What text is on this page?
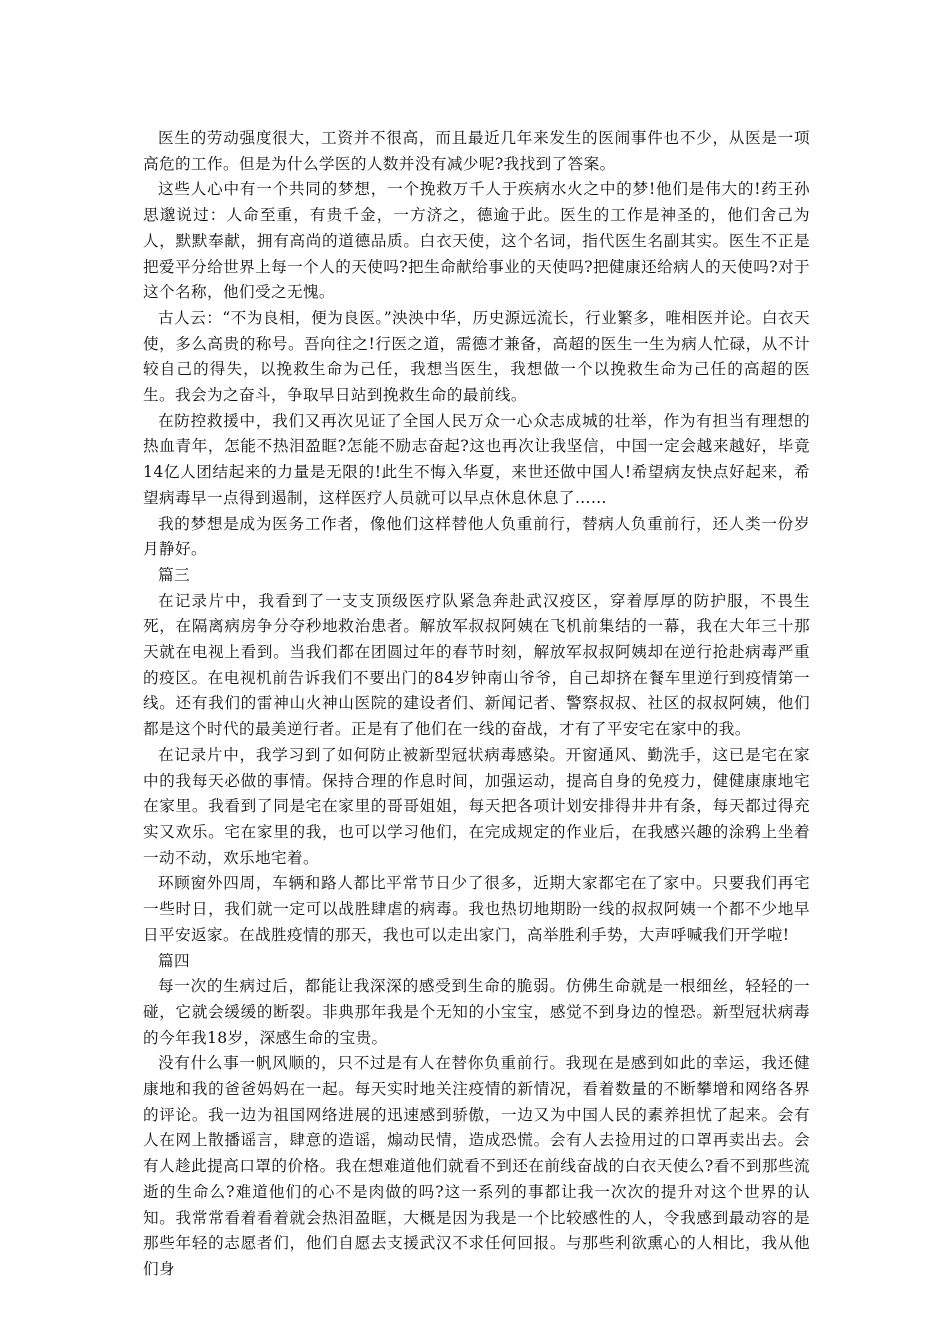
医生的劳动强度很大，工资并不很高，而且最近几年来发生的医闹事件也不少，从医是一项高危的工作。但是为什么学医的人数并没有减少呢?我找到了答案。

这些人心中有一个共同的梦想，一个挽救万千人于疾病水火之中的梦!他们是伟大的!药王孙思邈说过：人命至重，有贵千金，一方济之，德逾于此。医生的工作是神圣的，他们舍己为人，默默奉献，拥有高尚的道德品质。白衣天使，这个名词，指代医生名副其实。医生不正是把爱平分给世界上每一个人的天使吗?把生命献给事业的天使吗?把健康还给病人的天使吗?对于这个名称，他们受之无愧。

古人云：“不为良相，便为良医。”泱泱中华，历史源远流长，行业繁多，唯相医并论。白衣天使，多么高贵的称号。吾向往之!行医之道，需德才兼备，高超的医生一生为病人忙碌，从不计较自己的得失，以挽救生命为己任，我想当医生，我想做一个以挽救生命为己任的高超的医生。我会为之奋斗，争取早日站到挽救生命的最前线。

在防控救援中，我们又再次见证了全国人民万众一心众志成城的壮举，作为有担当有理想的热血青年，怎能不热泪盈眶?怎能不励志奋起?这也再次让我坚信，中国一定会越来越好，毕竟14亿人团结起来的力量是无限的!此生不悔入华夏，来世还做中国人!希望病友快点好起来，希望病毒早一点得到遏制，这样医疗人员就可以早点休息休息了……

我的梦想是成为医务工作者，像他们这样替他人负重前行，替病人负重前行，还人类一份岁月静好。

篇三

在记录片中，我看到了一支支顶级医疗队紧急奔赴武汉疫区，穿着厚厚的防护服，不畏生死，在隔离病房争分夺秒地救治患者。解放军叔叔阿姨在飞机前集结的一幕，我在大年三十那天就在电视上看到。当我们都在团圆过年的春节时刻，解放军叔叔阿姨却在逆行抢赴病毒严重的疫区。在电视机前告诉我们不要出门的84岁钟南山爷爷，自己却挤在餐车里逆行到疫情第一线。还有我们的雷神山火神山医院的建设者们、新闻记者、警察叔叔、社区的叔叔阿姨，他们都是这个时代的最美逆行者。正是有了他们在一线的奋战，才有了平安宅在家中的我。

在记录片中，我学习到了如何防止被新型冠状病毒感染。开窗通风、勤洗手，这已是宅在家中的我每天必做的事情。保持合理的作息时间，加强运动，提高自身的免疫力，健健康康地宅在家里。我看到了同是宅在家里的哥哥姐姐，每天把各项计划安排得井井有条，每天都过得充实又欢乐。宅在家里的我，也可以学习他们，在完成规定的作业后，在我感兴趣的涂鸦上坐着一动不动，欢乐地宅着。

环顾窗外四周，车辆和路人都比平常节日少了很多，近期大家都宅在了家中。只要我们再宅一些时日，我们就一定可以战胜肆虐的病毒。我也热切地期盼一线的叔叔阿姨一个都不少地早日平安返家。在战胜疫情的那天，我也可以走出家门，高举胜利手势，大声呼喊我们开学啦!

篇四

每一次的生病过后，都能让我深深的感受到生命的脆弱。仿佛生命就是一根细丝，轻轻的一碰，它就会缓缓的断裂。非典那年我是个无知的小宝宝，感觉不到身边的惶恐。新型冠状病毒的今年我18岁，深感生命的宝贵。

没有什么事一帆风顺的，只不过是有人在替你负重前行。我现在是感到如此的幸运，我还健康地和我的爸爸妈妈在一起。每天实时地关注疫情的新情况，看着数量的不断攀增和网络各界的评论。我一边为祖国网络进展的迅速感到骄傲，一边又为中国人民的素养担忧了起来。会有人在网上散播谣言，肆意的造谣，煽动民情，造成恐慌。会有人去捡用过的口罩再卖出去。会有人趁此提高口罩的价格。我在想难道他们就看不到还在前线奋战的白衣天使么?看不到那些流逝的生命么?难道他们的心不是肉做的吗?这一系列的事都让我一次次的提升对这个世界的认知。我常常看着看着就会热泪盈眶，大概是因为我是一个比较感性的人，令我感到最动容的是那些年轻的志愿者们，他们自愿去支援武汉不求任何回报。与那些利欲熏心的人相比，我从他们身
